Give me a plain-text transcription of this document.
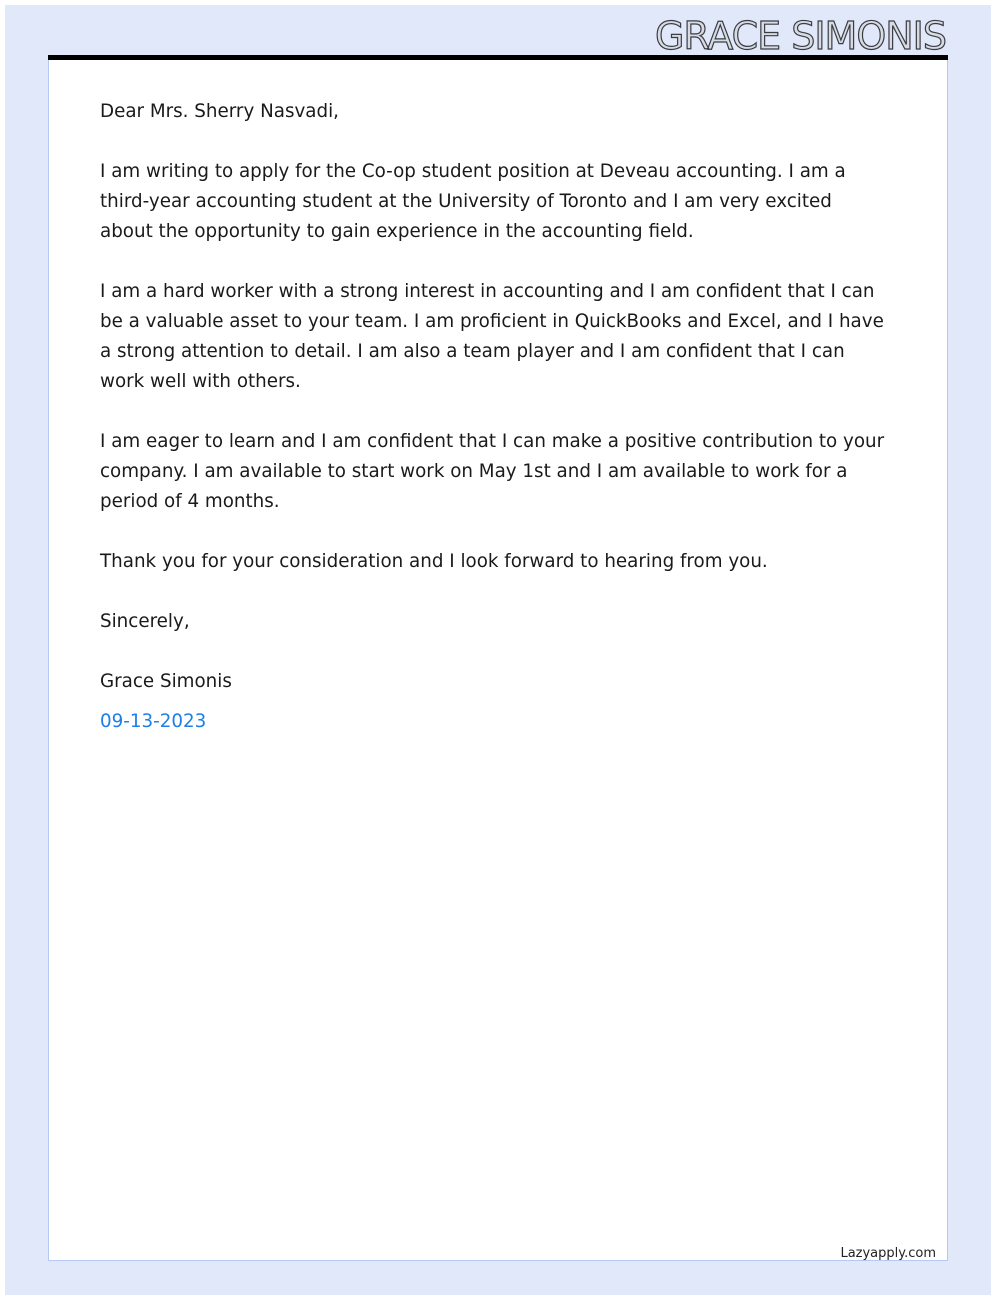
GRACE SIMONIS

Dear Mrs. Sherry Nasvadi,

I am writing to apply for the Co-op student position at Deveau accounting. I am a third-year accounting student at the University of Toronto and I am very excited about the opportunity to gain experience in the accounting field.

I am a hard worker with a strong interest in accounting and I am confident that I can be a valuable asset to your team. I am proficient in QuickBooks and Excel, and I have a strong attention to detail. I am also a team player and I am confident that I can work well with others.

I am eager to learn and I am confident that I can make a positive contribution to your company. I am available to start work on May 1st and I am available to work for a period of 4 months.

Thank you for your consideration and I look forward to hearing from you.

Sincerely,

Grace Simonis

09-13-2023

Lazyapply.com
